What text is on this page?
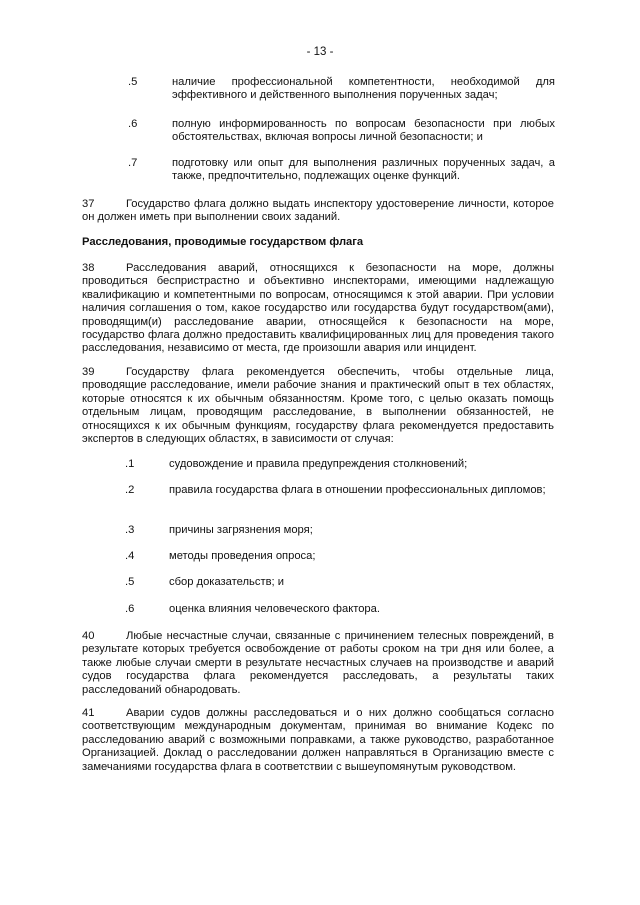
- 13 -
.5	наличие профессиональной компетентности, необходимой для эффективного и действенного выполнения порученных задач;
.6	полную информированность по вопросам безопасности при любых обстоятельствах, включая вопросы личной безопасности; и
.7	подготовку или опыт для выполнения различных порученных задач, а также, предпочтительно, подлежащих оценке функций.
37	Государство флага должно выдать инспектору удостоверение личности, которое он должен иметь при выполнении своих заданий.
Расследования, проводимые государством флага
38	Расследования аварий, относящихся к безопасности на море, должны проводиться беспристрастно и объективно инспекторами, имеющими надлежащую квалификацию и компетентными по вопросам, относящимся к этой аварии. При условии наличия соглашения о том, какое государство или государства будут государством(ами), проводящим(и) расследование аварии, относящейся к безопасности на море, государство флага должно предоставить квалифицированных лиц для проведения такого расследования, независимо от места, где произошли авария или инцидент.
39	Государству флага рекомендуется обеспечить, чтобы отдельные лица, проводящие расследование, имели рабочие знания и практический опыт в тех областях, которые относятся к их обычным обязанностям. Кроме того, с целью оказать помощь отдельным лицам, проводящим расследование, в выполнении обязанностей, не относящихся к их обычным функциям, государству флага рекомендуется предоставить экспертов в следующих областях, в зависимости от случая:
.1	судовождение и правила предупреждения столкновений;
.2	правила государства флага в отношении профессиональных дипломов;
.3	причины загрязнения моря;
.4	методы проведения опроса;
.5	сбор доказательств; и
.6	оценка влияния человеческого фактора.
40	Любые несчастные случаи, связанные с причинением телесных повреждений, в результате которых требуется освобождение от работы сроком на три дня или более, а также любые случаи смерти в результате несчастных случаев на производстве и аварий судов государства флага рекомендуется расследовать, а результаты таких расследований обнародовать.
41	Аварии судов должны расследоваться и о них должно сообщаться согласно соответствующим международным документам, принимая во внимание Кодекс по расследованию аварий с возможными поправками, а также руководство, разработанное Организацией. Доклад о расследовании должен направляться в Организацию вместе с замечаниями государства флага в соответствии с вышеупомянутым руководством.
